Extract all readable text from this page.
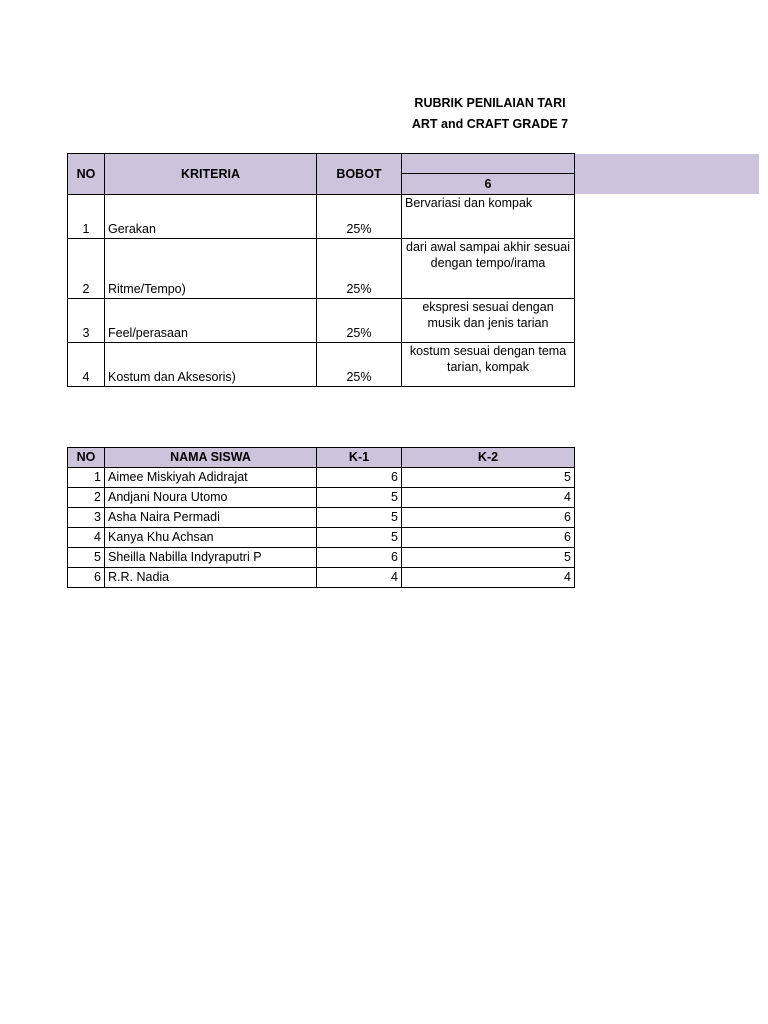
RUBRIK PENILAIAN TARI
ART and CRAFT GRADE 7
NO	KRITERIA	BOBOT	
			6
1	Gerakan	25%	Bervariasi dan kompak
2	Ritme/Tempo)	25%	dari awal sampai akhir sesuai dengan tempo/irama
3	Feel/perasaan	25%	ekspresi sesuai dengan musik dan jenis tarian
4	Kostum dan Aksesoris)	25%	kostum sesuai dengan tema tarian, kompak
NO	NAMA SISWA	K-1	K-2
1	Aimee Miskiyah Adidrajat	6	5
2	Andjani Noura Utomo	5	4
3	Asha Naira Permadi	5	6
4	Kanya Khu Achsan	5	6
5	Sheilla Nabilla Indyraputri P	6	5
6	R.R. Nadia	4	4
